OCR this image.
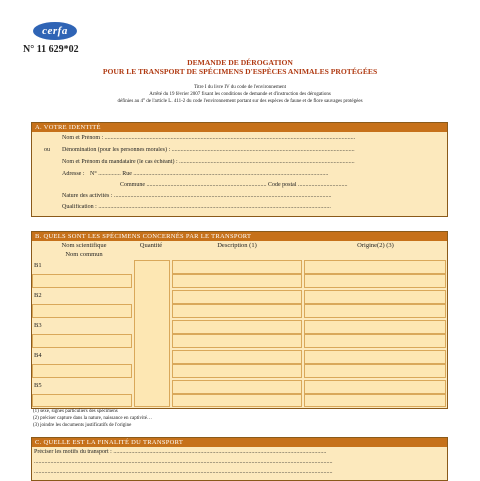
cerfa
N° 11 629*02
DEMANDE DE DÉROGATION
POUR LE TRANSPORT DE SPÉCIMENS D'ESPÈCES ANIMALES PROTÉGÉES
Titre I du livre IV du code de l'environnement
Arrêté du 19 février 2007 fixant les conditions de demande et d'instruction des dérogations
définies au 4° de l'article L. 411-2 du code l'environnement portant sur des espèces de faune et de flore sauvages protégées
A. VOTRE IDENTITÉ
Nom et Prénom : .......................................................................................................................................................................
ou Dénomination (pour les personnes morales) : ..........................................................................................................................
Nom et Prénom du mandataire (le cas échéant) : .....................................................................................................................
Adresse : N° ............... Rue ..................................................................................................................................
Commune ................................................................................ Code postal .................................
Nature des activités : .................................................................................................................................................
Qualification : ...........................................................................................................................................................
B. QUELS SONT LES SPÉCIMENS CONCERNÉS PAR LE TRANSPORT
Nom scientifique
Nom commun
Quantité	Description (1)	Origine(2) (3)
B1
B2
B3
B4
B5
(1) sexe, signes particuliers des spécimens
(2) préciser capture dans la nature, naissance en captivité…
(3) joindre les documents justificatifs de l'origine
C. QUELLE EST LA FINALITÉ DU TRANSPORT
Préciser les motifs du transport : ..............................................................................................................................................
.......................................................................................................................................................................................................
.......................................................................................................................................................................................................
